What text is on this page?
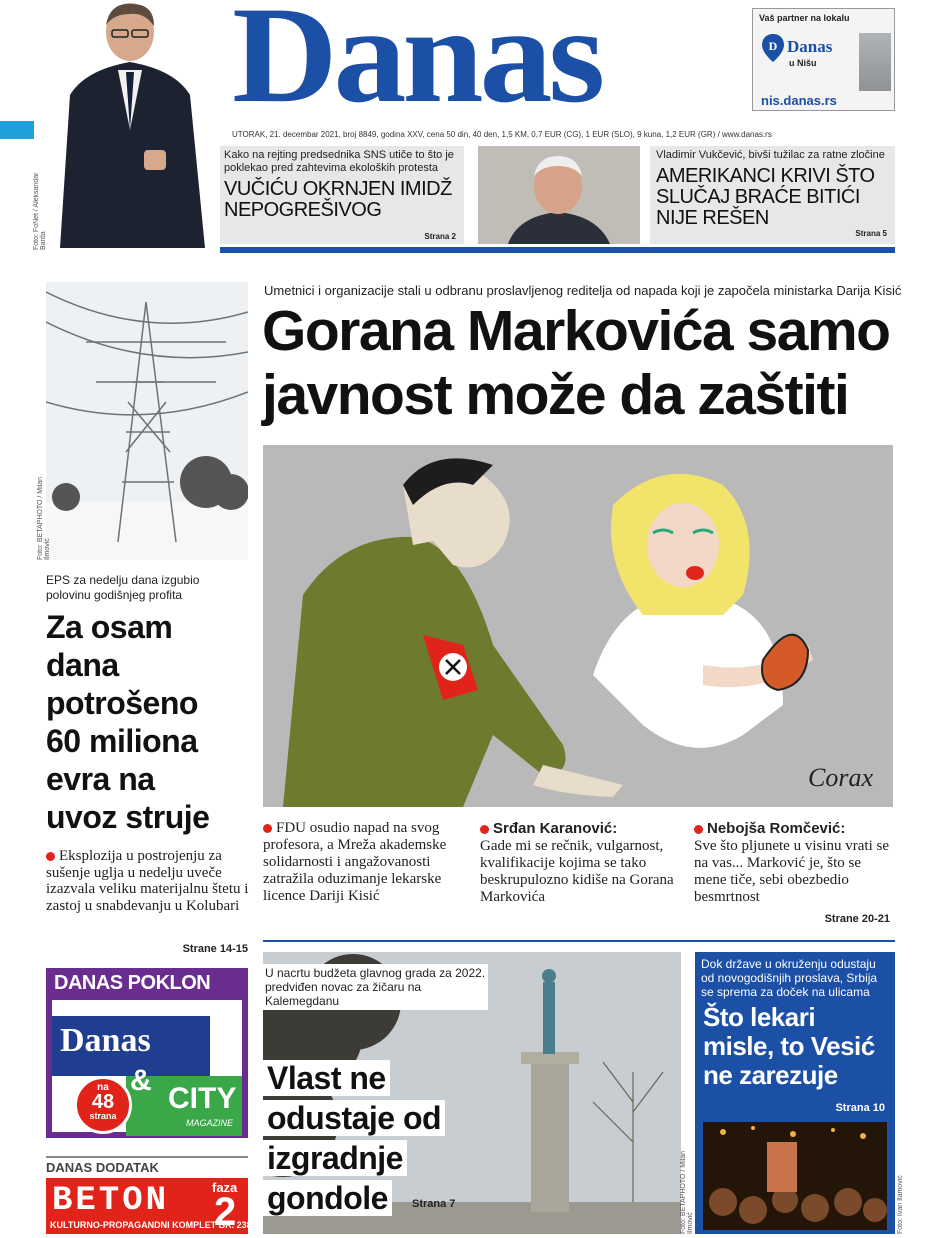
Foto: FoNet / Aleksandar Barda
Danas	Vaš partner na lokalu
D Danas
u Nišu
nis.danas.rs
UTORAK, 21. decembar 2021, broj 8849, godina XXV, cena 50 din, 40 den, 1,5 KM, 0,7 EUR (CG), 1 EUR (SLO), 9 kuna, 1,2 EUR (GR) / www.danas.rs
Kako na rejting predsednika SNS utiče to što je poklekao pred zahtevima ekoloških protesta
VUČIĆU OKRNJEN IMIDŽ NEPOGREŠIVOG
Strana 2
Vladimir Vukčević, bivši tužilac za ratne zločine
AMERIKANCI KRIVI ŠTO SLUČAJ BRAĆE BITIĆI NIJE REŠEN
Strana 5
Foto: BETAPHOTO / Milan Ilmović
EPS za nedelju dana izgubio polovinu godišnjeg profita
Za osam
dana
potrošeno
60 miliona
evra na
uvoz struje
Eksplozija u postrojenju za sušenje uglja u nedelju uveče izazvala veliku materijalnu štetu i zastoj u snabdevanju u Kolubari
Strane 14-15
DANAS POKLON
Danas
CITY
MAGAZINE
&
na
48
strana
DANAS DODATAK
BETON	faza
2
KULTURNO-PROPAGANDNI KOMPLET BR. 238
Umetnici i organizacije stali u odbranu proslavljenog reditelja od napada koji je započela ministarka Darija Kisić
Gorana Markovića samo
javnost može da zaštiti
Corax
FDU osudio napad na svog profesora, a Mreža akademske solidarnosti i angažovanosti zatražila oduzimanje lekarske licence Dariji Kisić
Srđan Karanović:
Gade mi se rečnik, vulgarnost, kvalifikacije kojima se tako beskrupulozno kidiše na Gorana Markovića
Nebojša Romčević:
Sve što pljunete u visinu vrati se na vas... Marković je, što se mene tiče, sebi obezbedio besmrtnost
Strane 20-21
Foto: BETAPHOTO / Milan Ilmović
U nacrtu budžeta glavnog grada za 2022. predviđen novac za žičaru na Kalemegdanu
Vlast ne
odustaje od
izgradnje
gondole	Strana 7
Dok države u okruženju odustaju od novogodišnjih proslava, Srbija se sprema za doček na ulicama
Što lekari
misle, to Vesić
ne zarezuje
Strana 10
Foto: Ivan Ilamović
